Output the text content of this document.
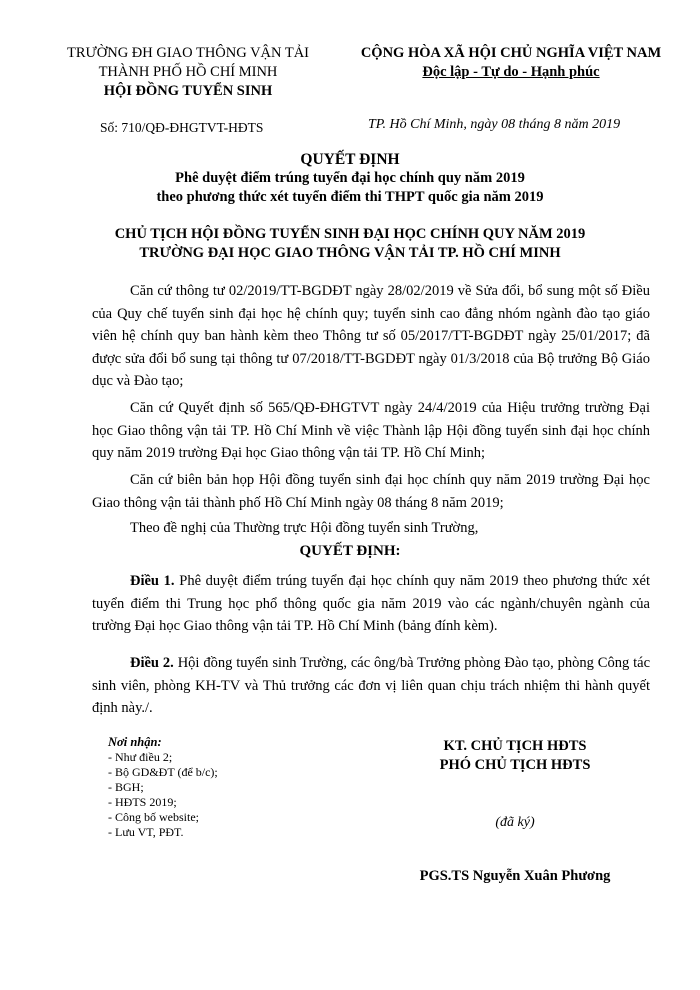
TRƯỜNG ĐH GIAO THÔNG VẬN TẢI
THÀNH PHỐ HỒ CHÍ MINH
HỘI ĐỒNG TUYỂN SINH
CỘNG HÒA XÃ HỘI CHỦ NGHĨA VIỆT NAM
Độc lập - Tự do - Hạnh phúc
Số: 710/QĐ-ĐHGTVT-HĐTS	TP. Hồ Chí Minh, ngày 08 tháng 8 năm 2019
QUYẾT ĐỊNH
Phê duyệt điểm trúng tuyển đại học chính quy năm 2019
theo phương thức xét tuyển điểm thi THPT quốc gia năm 2019
CHỦ TỊCH HỘI ĐỒNG TUYỂN SINH ĐẠI HỌC CHÍNH QUY NĂM 2019
TRƯỜNG ĐẠI HỌC GIAO THÔNG VẬN TẢI TP. HỒ CHÍ MINH

Căn cứ thông tư 02/2019/TT-BGDĐT ngày 28/02/2019 về Sửa đổi, bổ sung một số Điều của Quy chế tuyển sinh đại học hệ chính quy; tuyển sinh cao đẳng nhóm ngành đào tạo giáo viên hệ chính quy ban hành kèm theo Thông tư số 05/2017/TT-BGDĐT ngày 25/01/2017; đã được sửa đổi bổ sung tại thông tư 07/2018/TT-BGDĐT ngày 01/3/2018 của Bộ trưởng Bộ Giáo dục và Đào tạo;

Căn cứ Quyết định số 565/QĐ-ĐHGTVT ngày 24/4/2019 của Hiệu trưởng trường Đại học Giao thông vận tải TP. Hồ Chí Minh về việc Thành lập Hội đồng tuyển sinh đại học chính quy năm 2019 trường Đại học Giao thông vận tải TP. Hồ Chí Minh;

Căn cứ biên bản họp Hội đồng tuyển sinh đại học chính quy năm 2019 trường Đại học Giao thông vận tải thành phố Hồ Chí Minh ngày 08 tháng 8 năm 2019;

Theo đề nghị của Thường trực Hội đồng tuyển sinh Trường,

QUYẾT ĐỊNH:

Điều 1. Phê duyệt điểm trúng tuyển đại học chính quy năm 2019 theo phương thức xét tuyển điểm thi Trung học phổ thông quốc gia năm 2019 vào các ngành/chuyên ngành của trường Đại học Giao thông vận tải TP. Hồ Chí Minh (bảng đính kèm).

Điều 2. Hội đồng tuyển sinh Trường, các ông/bà Trưởng phòng Đào tạo, phòng Công tác sinh viên, phòng KH-TV và Thủ trưởng các đơn vị liên quan chịu trách nhiệm thi hành quyết định này./.

Nơi nhận:
- Như điều 2;
- Bộ GD&ĐT (để b/c);
- BGH;
- HĐTS 2019;
- Công bố website;
- Lưu VT, PĐT.
KT. CHỦ TỊCH HĐTS
PHÓ CHỦ TỊCH HĐTS
(đã ký)
PGS.TS Nguyễn Xuân Phương
